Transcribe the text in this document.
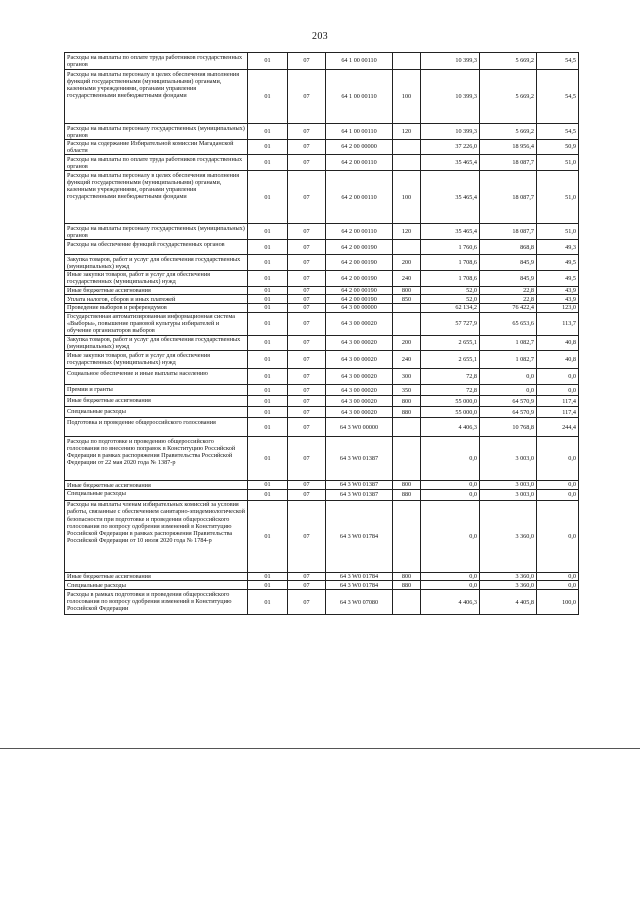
203
Расходы на выплаты по оплате труда работников государственных органов	01	07	64 1 00 00110		10 399,3	5 669,2	54,5
Расходы на выплаты персоналу в целях обеспечения выполнения функций государственными (муниципальными) органами, казенными учреждениями, органами управления государственными внебюджетными фондами	01	07	64 1 00 00110	100	10 399,3	5 669,2	54,5
Расходы на выплаты персоналу государственных (муниципальных) органов	01	07	64 1 00 00110	120	10 399,3	5 669,2	54,5
Расходы на содержание Избирательной комиссии Магаданской области	01	07	64 2 00 00000		37 226,0	18 956,4	50,9
Расходы на выплаты по оплате труда работников государственных органов	01	07	64 2 00 00110		35 465,4	18 087,7	51,0
Расходы на выплаты персоналу в целях обеспечения выполнения функций государственными (муниципальными) органами, казенными учреждениями, органами управления государственными внебюджетными фондами	01	07	64 2 00 00110	100	35 465,4	18 087,7	51,0
Расходы на выплаты персоналу государственных (муниципальных) органов	01	07	64 2 00 00110	120	35 465,4	18 087,7	51,0
Расходы на обеспечение функций государственных органов	01	07	64 2 00 00190		1 760,6	868,8	49,3
Закупка товаров, работ и услуг для обеспечения государственных (муниципальных) нужд	01	07	64 2 00 00190	200	1 708,6	845,9	49,5
Иные закупки товаров, работ и услуг для обеспечения государственных (муниципальных) нужд	01	07	64 2 00 00190	240	1 708,6	845,9	49,5
Иные бюджетные ассигнования	01	07	64 2 00 00190	800	52,0	22,8	43,9
Уплата налогов, сборов и иных платежей	01	07	64 2 00 00190	850	52,0	22,8	43,9
Проведение выборов и референдумов	01	07	64 3 00 00000		62 134,2	76 422,4	123,0
Государственная автоматизированная информационная система «Выборы», повышение правовой культуры избирателей и обучение организаторов выборов	01	07	64 3 00 00020		57 727,9	65 653,6	113,7
Закупка товаров, работ и услуг для обеспечения государственных (муниципальных) нужд	01	07	64 3 00 00020	200	2 655,1	1 082,7	40,8
Иные закупки товаров, работ и услуг для обеспечения государственных (муниципальных) нужд	01	07	64 3 00 00020	240	2 655,1	1 082,7	40,8
Социальное обеспечение и иные выплаты населению	01	07	64 3 00 00020	300	72,8	0,0	0,0
Премии и гранты	01	07	64 3 00 00020	350	72,8	0,0	0,0
Иные бюджетные ассигнования	01	07	64 3 00 00020	800	55 000,0	64 570,9	117,4
Специальные расходы	01	07	64 3 00 00020	880	55 000,0	64 570,9	117,4
Подготовка и проведение общероссийского голосования	01	07	64 3 W0 00000		4 406,3	10 768,8	244,4
Расходы по подготовке и проведению общероссийского голосования по внесению поправок в Конституцию Российской Федерации в рамках распоряжения Правительства Российской Федерации от 22 мая 2020 года № 1387-р	01	07	64 3 W0 01387		0,0	3 003,0	0,0
Иные бюджетные ассигнования	01	07	64 3 W0 01387	800	0,0	3 003,0	0,0
Специальные расходы	01	07	64 3 W0 01387	880	0,0	3 003,0	0,0
Расходы на выплаты членам избирательных комиссий за условия работы, связанные с обеспечением санитарно-эпидемиологической безопасности при подготовке и проведении общероссийского голосования по вопросу одобрения изменений в Конституцию Российской Федерации в рамках распоряжения Правительства Российской Федерации от 10 июля 2020 года № 1784-р	01	07	64 3 W0 01784		0,0	3 360,0	0,0
Иные бюджетные ассигнования	01	07	64 3 W0 01784	800	0,0	3 360,0	0,0
Специальные расходы	01	07	64 3 W0 01784	880	0,0	3 360,0	0,0
Расходы в рамках подготовки и проведения общероссийского голосования по вопросу одобрения изменений в Конституцию Российской Федерации	01	07	64 3 W0 07080		4 406,3	4 405,8	100,0
